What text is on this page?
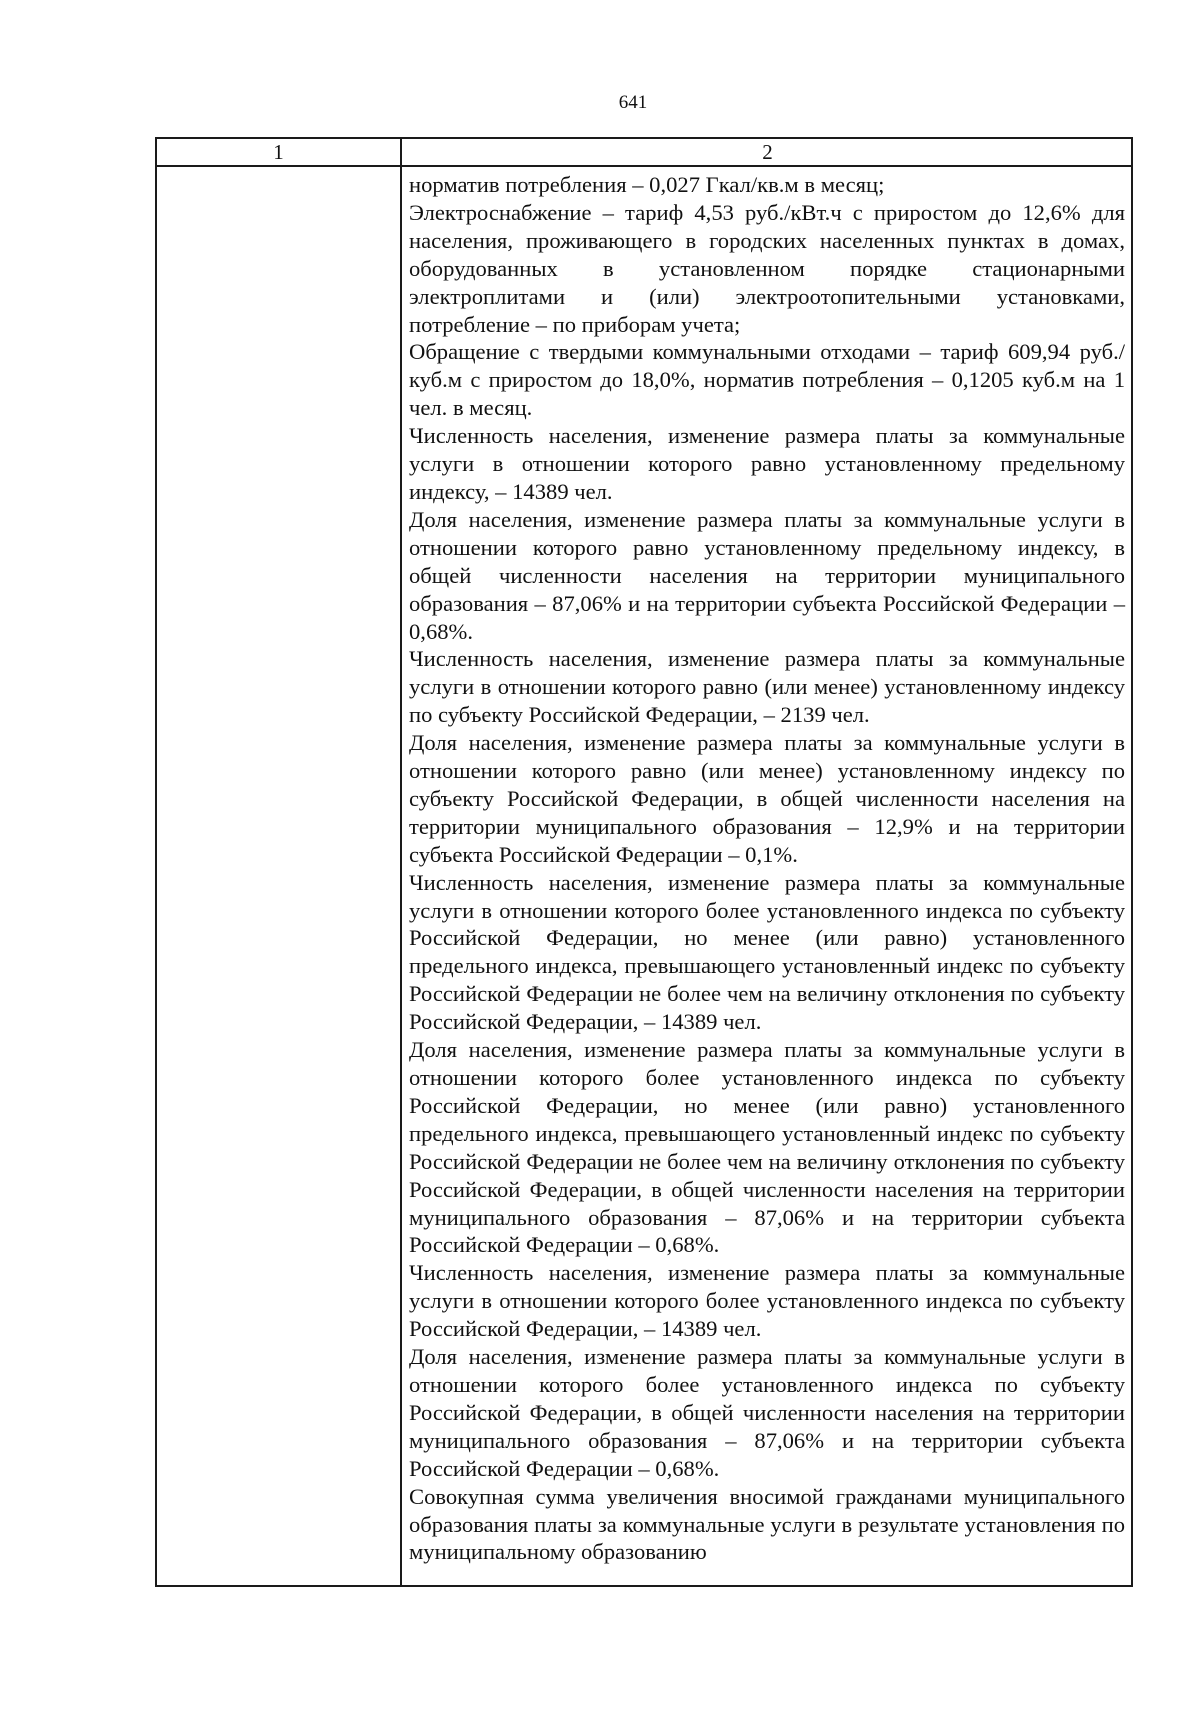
641
1	2

норматив потребления – 0,027 Гкал/кв.м в месяц;

Электроснабжение – тариф 4,53 руб./кВт.ч с приростом до 12,6% для населения, проживающего в городских населенных пунктах в домах, оборудованных в установленном порядке стационарными электроплитами и (или) электроотопительными установками, потребление – по приборам учета;

Обращение с твердыми коммунальными отходами – тариф 609,94 руб./куб.м с приростом до 18,0%, норматив потребления – 0,1205 куб.м на 1 чел. в месяц.

Численность населения, изменение размера платы за коммунальные услуги в отношении которого равно установленному предельному индексу, – 14389 чел.

Доля населения, изменение размера платы за коммунальные услуги в отношении которого равно установленному предельному индексу, в общей численности населения на территории муниципального образования – 87,06% и на территории субъекта Российской Федерации – 0,68%.

Численность населения, изменение размера платы за коммунальные услуги в отношении которого равно (или менее) установленному индексу по субъекту Российской Федерации, – 2139 чел.

Доля населения, изменение размера платы за коммунальные услуги в отношении которого равно (или менее) установленному индексу по субъекту Российской Федерации, в общей численности населения на территории муниципального образования – 12,9% и на территории субъекта Российской Федерации – 0,1%.

Численность населения, изменение размера платы за коммунальные услуги в отношении которого более установленного индекса по субъекту Российской Федерации, но менее (или равно) установленного предельного индекса, превышающего установленный индекс по субъекту Российской Федерации не более чем на величину отклонения по субъекту Российской Федерации, – 14389 чел.

Доля населения, изменение размера платы за коммунальные услуги в отношении которого более установленного индекса по субъекту Российской Федерации, но менее (или равно) установленного предельного индекса, превышающего установленный индекс по субъекту Российской Федерации не более чем на величину отклонения по субъекту Российской Федерации, в общей численности населения на территории муниципального образования – 87,06% и на территории субъекта Российской Федерации – 0,68%.

Численность населения, изменение размера платы за коммунальные услуги в отношении которого более установленного индекса по субъекту Российской Федерации, – 14389 чел.

Доля населения, изменение размера платы за коммунальные услуги в отношении которого более установленного индекса по субъекту Российской Федерации, в общей численности населения на территории муниципального образования – 87,06% и на территории субъекта Российской Федерации – 0,68%.

Совокупная сумма увеличения вносимой гражданами муниципального образования платы за коммунальные услуги в результате установления по муниципальному образованию
